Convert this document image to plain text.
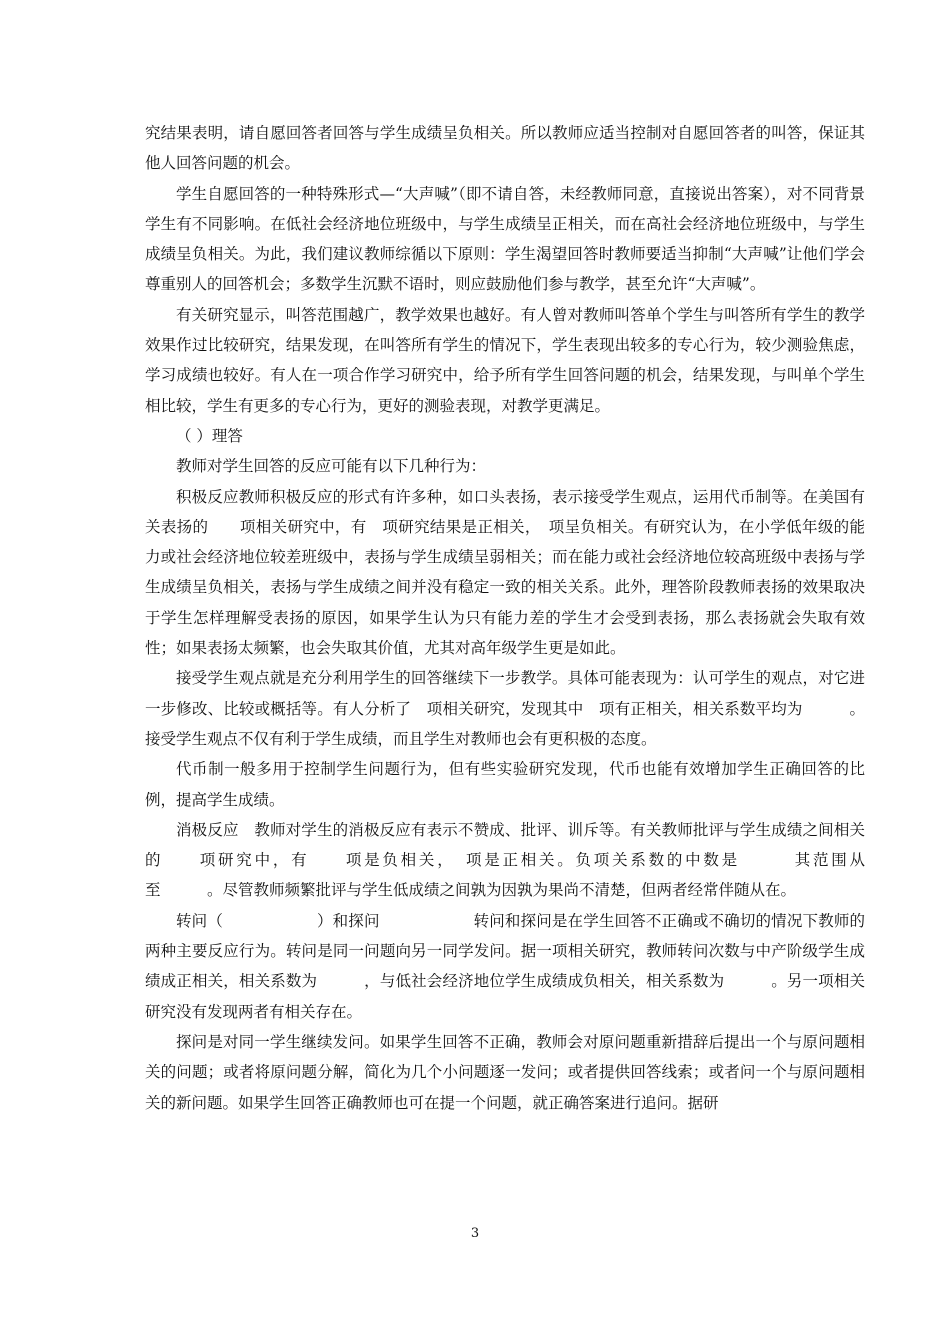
究结果表明，请自愿回答者回答与学生成绩呈负相关。所以教师应适当控制对自愿回答者的叫答，保证其他人回答问题的机会。

学生自愿回答的一种特殊形式—“大声喊”（即不请自答，未经教师同意，直接说出答案），对不同背景学生有不同影响。在低社会经济地位班级中，与学生成绩呈正相关，而在高社会经济地位班级中，与学生成绩呈负相关。为此，我们建议教师综循以下原则：学生渴望回答时教师要适当抑制“大声喊”让他们学会尊重别人的回答机会；多数学生沉默不语时，则应鼓励他们参与教学，甚至允许“大声喊”。

有关研究显示，叫答范围越广，教学效果也越好。有人曾对教师叫答单个学生与叫答所有学生的教学效果作过比较研究，结果发现，在叫答所有学生的情况下，学生表现出较多的专心行为，较少测验焦虑，学习成绩也较好。有人在一项合作学习研究中，给予所有学生回答问题的机会，结果发现，与叫单个学生相比较，学生有更多的专心行为，更好的测验表现，对教学更满足。

（ ）理答

教师对学生回答的反应可能有以下几种行为：

积极反应教师积极反应的形式有许多种，如口头表扬，表示接受学生观点，运用代币制等。在美国有关表扬的　　项相关研究中，有　项研究结果是正相关，　项呈负相关。有研究认为，在小学低年级的能力或社会经济地位较差班级中，表扬与学生成绩呈弱相关；而在能力或社会经济地位较高班级中表扬与学生成绩呈负相关，表扬与学生成绩之间并没有稳定一致的相关关系。此外，理答阶段教师表扬的效果取决于学生怎样理解受表扬的原因，如果学生认为只有能力差的学生才会受到表扬，那么表扬就会失取有效性；如果表扬太频繁，也会失取其价值，尤其对高年级学生更是如此。

接受学生观点就是充分利用学生的回答继续下一步教学。具体可能表现为：认可学生的观点，对它进一步修改、比较或概括等。有人分析了　项相关研究，发现其中　项有正相关，相关系数平均为　　　。接受学生观点不仅有利于学生成绩，而且学生对教师也会有更积极的态度。

代币制一般多用于控制学生问题行为，但有些实验研究发现，代币也能有效增加学生正确回答的比例，提高学生成绩。

消极反应　教师对学生的消极反应有表示不赞成、批评、训斥等。有关教师批评与学生成绩之间相关的　　项研究中，有　　项是负相关，　项是正相关。负项关系数的中数是　　　其范围从　　　至　　　。尽管教师频繁批评与学生低成绩之间孰为因孰为果尚不清楚，但两者经常伴随从在。

转问（　　　　　　）和探问　　　　　　转问和探问是在学生回答不正确或不确切的情况下教师的两种主要反应行为。转问是同一问题向另一同学发问。据一项相关研究，教师转问次数与中产阶级学生成绩成正相关，相关系数为　　　，与低社会经济地位学生成绩成负相关，相关系数为　　　。另一项相关研究没有发现两者有相关存在。

探问是对同一学生继续发问。如果学生回答不正确，教师会对原问题重新措辞后提出一个与原问题相关的问题；或者将原问题分解，简化为几个小问题逐一发问；或者提供回答线索；或者问一个与原问题相关的新问题。如果学生回答正确教师也可在提一个问题，就正确答案进行追问。据研

3
